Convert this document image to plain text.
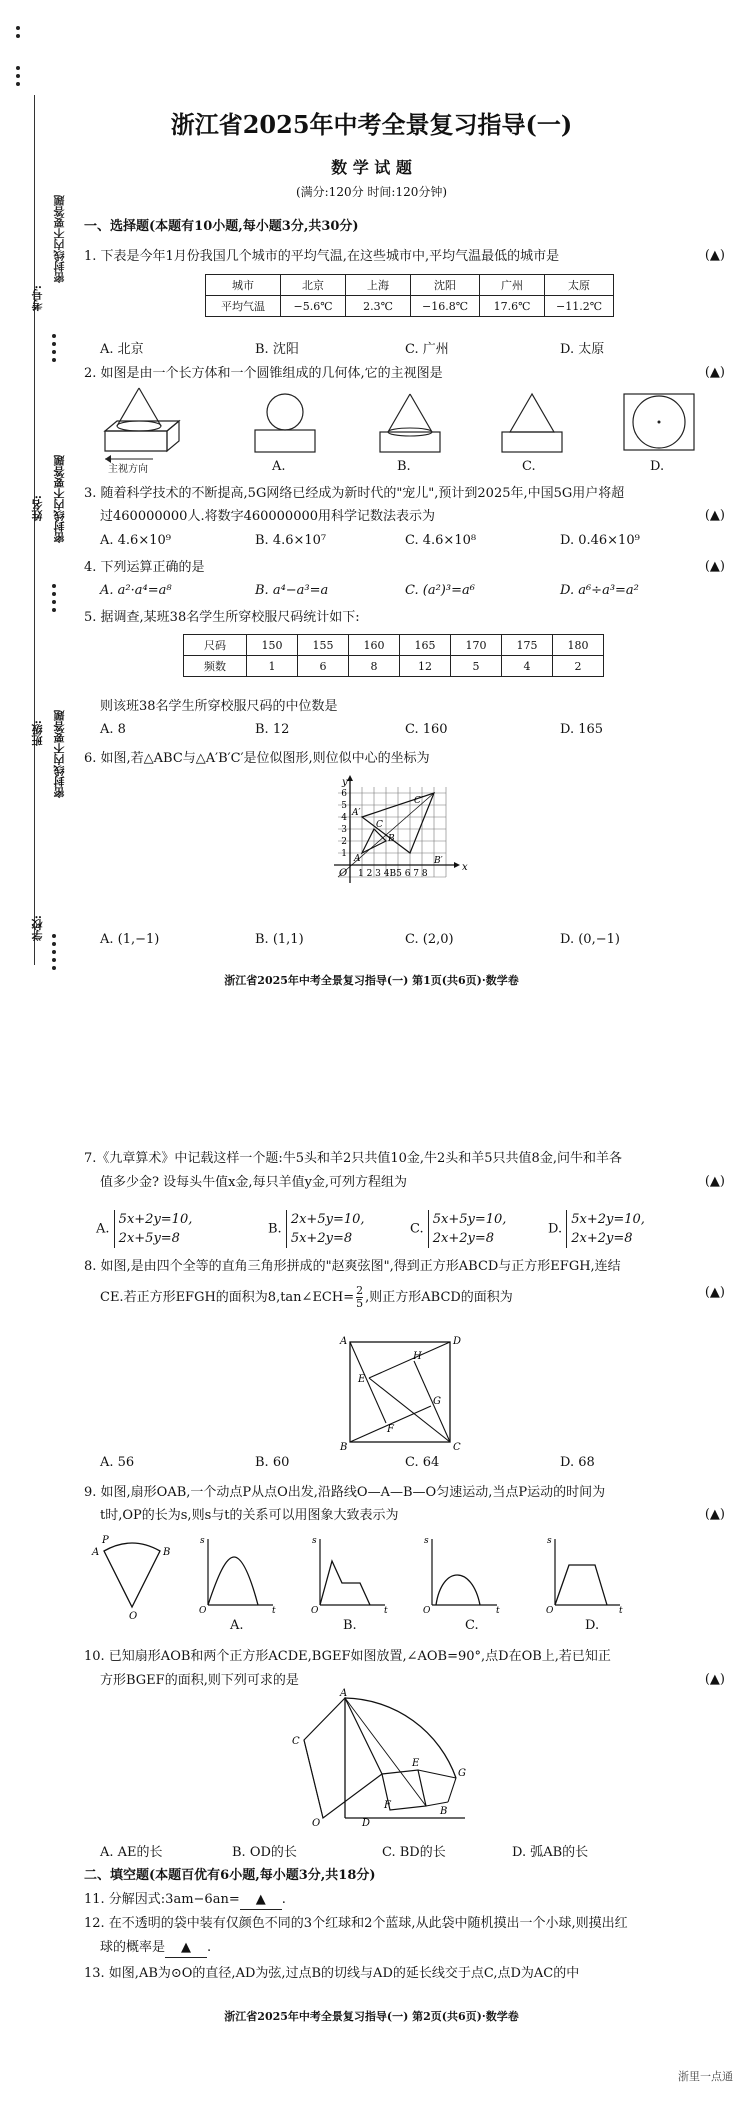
考号:
密封线内不要答题
姓名: 密封线内不要答题
班级: 密封线内不要答题
学校:
浙江省2025年中考全景复习指导(一)
数 学 试 题
(满分:120分 时间:120分钟)
一、选择题(本题有10小题,每小题3分,共30分)
1. 下表是今年1月份我国几个城市的平均气温,在这些城市中,平均气温最低的城市是	(▲)
城市	北京	上海	沈阳	广州	太原
平均气温	−5.6℃	2.3℃	−16.8℃	17.6℃	−11.2℃
A. 北京	B. 沈阳	C. 广州	D. 太原
2. 如图是由一个长方体和一个圆锥组成的几何体,它的主视图是	(▲)
主视方向	A.	B.	C.	D.
3. 随着科学技术的不断提高,5G网络已经成为新时代的"宠儿",预计到2025年,中国5G用户将超
过460000000人.将数字460000000用科学记数法表示为	(▲)
A. 4.6×10⁹	B. 4.6×10⁷	C. 4.6×10⁸	D. 0.46×10⁹
4. 下列运算正确的是	(▲)
A. a²·a⁴=a⁸	B. a⁴−a³=a	C. (a²)³=a⁶	D. a⁶÷a³=a²
5. 据调查,某班38名学生所穿校服尺码统计如下:
尺码	150	155	160	165	170	175	180
频数	1	6	8	12	5	4	2
则该班38名学生所穿校服尺码的中位数是
A. 8	B. 12	C. 160	D. 165
6. 如图,若△ABC与△A′B′C′是位似图形,则位似中心的坐标为
y
x
O
6
5
4
3
2
1
1 2 3 4B5 6 7 8
A
B
C
A′
B′
C′
A. (1,−1)	B. (1,1)	C. (2,0)	D. (0,−1)
浙江省2025年中考全景复习指导(一) 第1页(共6页)·数学卷
7.《九章算术》中记载这样一个题:牛5头和羊2只共值10金,牛2头和羊5只共值8金,问牛和羊各
值多少金? 设每头牛值x金,每只羊值y金,可列方程组为	(▲)
A. 5x+2y=10,
2x+5y=8
B. 2x+5y=10,
5x+2y=8
C. 5x+5y=10,
2x+2y=8
D. 5x+2y=10,
2x+2y=8
8. 如图,是由四个全等的直角三角形拼成的"赵爽弦图",得到正方形ABCD与正方形EFGH,连结
CE.若正方形EFGH的面积为8,tan∠ECH= $\frac{2}{5}$ ,则正方形ABCD的面积为	(▲)
A	D
H
E
G
F
B	C
A. 56	B. 60	C. 64	D. 68
9. 如图,扇形OAB,一个动点P从点O出发,沿路线O—A—B—O匀速运动,当点P运动的时间为
t时,OP的长为s,则s与t的关系可以用图象大致表示为	(▲)
A	B
O
P	s
t
O
s
t
O
s
t
O
s
t
O
A.	B.	C.	D.
10. 已知扇形AOB和两个正方形ACDE,BGEF如图放置,∠AOB=90°,点D在OB上,若已知正
方形BGEF的面积,则下列可求的是	(▲)
A
E
G
C
B
F
O	D
A. AE的长	B. OD的长	C. BD的长	D. 弧AB的长
二、填空题(本题百优有6小题,每小题3分,共18分)
11. 分解因式:3am−6an= ▲ .
12. 在不透明的袋中装有仅颜色不同的3个红球和2个蓝球,从此袋中随机摸出一个小球,则摸出红
球的概率是 ▲ .
13. 如图,AB为⊙O的直径,AD为弦,过点B的切线与AD的延长线交于点C,点D为AC的中
浙江省2025年中考全景复习指导(一) 第2页(共6页)·数学卷
浙里一点通
